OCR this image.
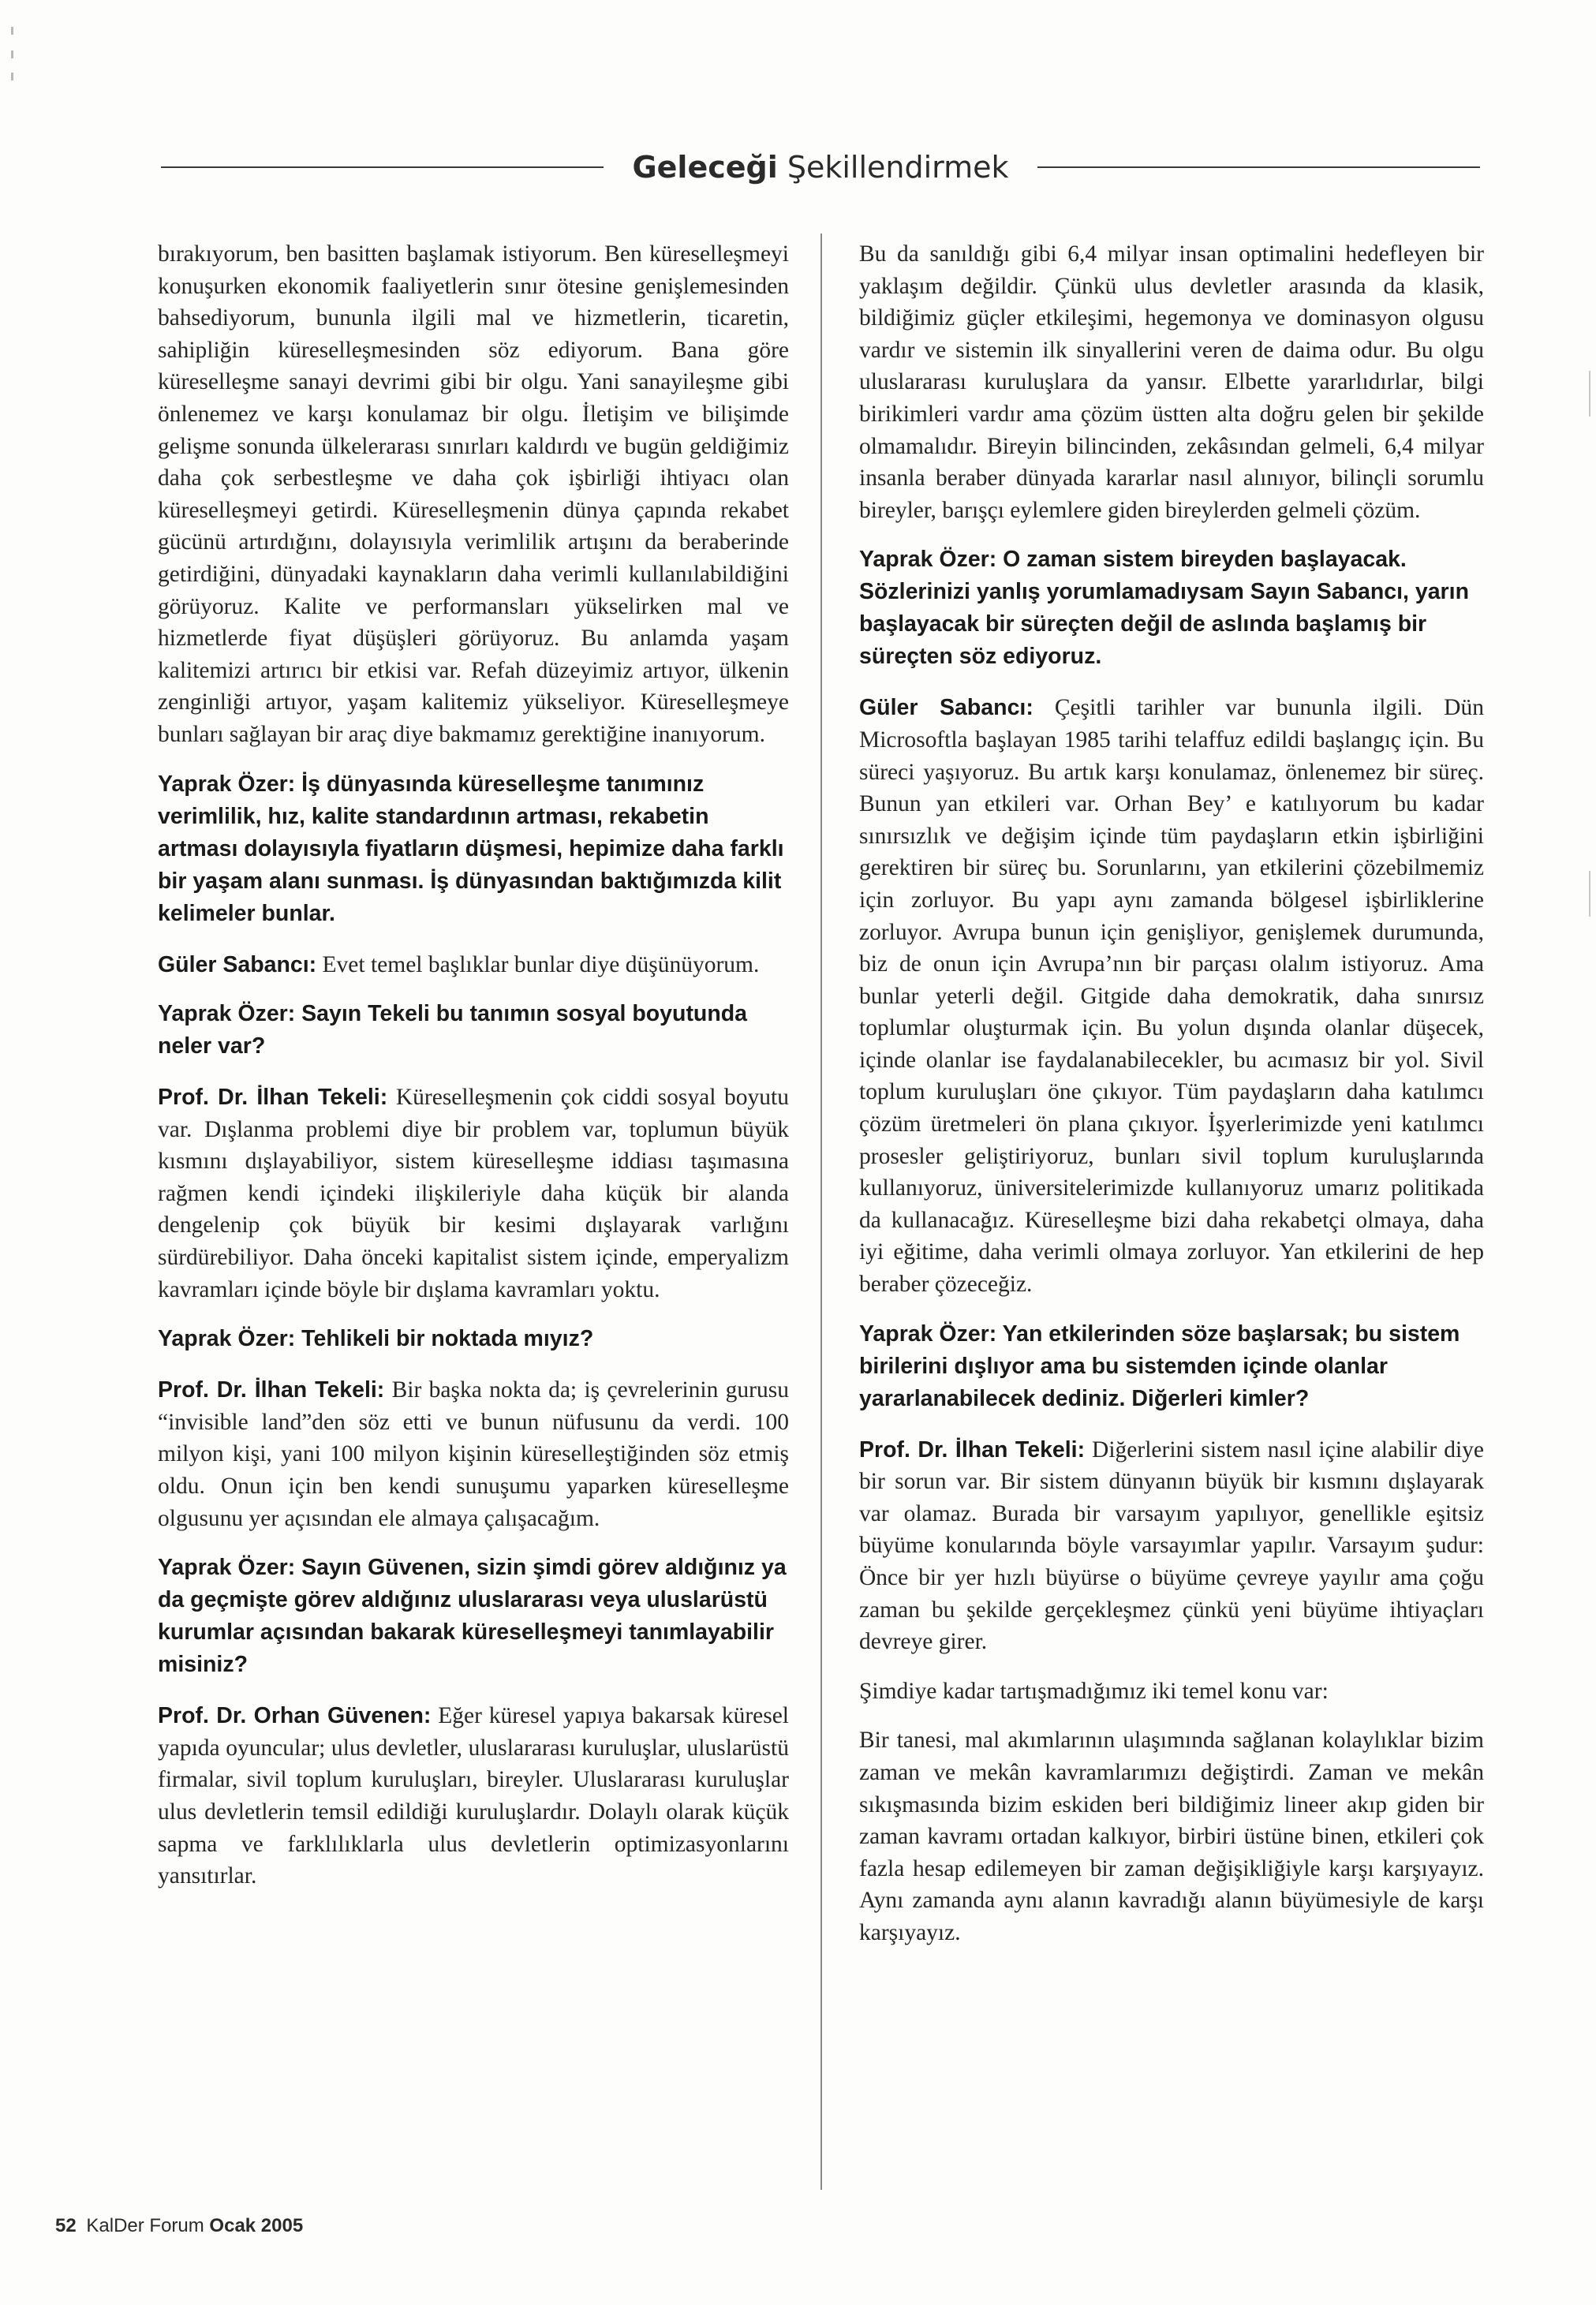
Geleceği Şekillendirmek

bırakıyorum, ben basitten başlamak istiyorum. Ben küreselleşmeyi konuşurken ekonomik faaliyetlerin sınır ötesine genişlemesinden bahsediyorum, bununla ilgili mal ve hizmetlerin, ticaretin, sahipliğin küreselleşmesinden söz ediyorum. Bana göre küreselleşme sanayi devrimi gibi bir olgu. Yani sanayileşme gibi önlenemez ve karşı konulamaz bir olgu. İletişim ve bilişimde gelişme sonunda ülkelerarası sınırları kaldırdı ve bugün geldiğimiz daha çok serbestleşme ve daha çok işbirliği ihtiyacı olan küreselleşmeyi getirdi. Küreselleşmenin dünya çapında rekabet gücünü artırdığını, dolayısıyla verimlilik artışını da beraberinde getirdiğini, dünyadaki kaynakların daha verimli kullanılabildiğini görüyoruz. Kalite ve performansları yükselirken mal ve hizmetlerde fiyat düşüşleri görüyoruz. Bu anlamda yaşam kalitemizi artırıcı bir etkisi var. Refah düzeyimiz artıyor, ülkenin zenginliği artıyor, yaşam kalitemiz yükseliyor. Küreselleşmeye bunları sağlayan bir araç diye bakmamız gerektiğine inanıyorum.

Yaprak Özer: İş dünyasında küreselleşme tanımınız verimlilik, hız, kalite standardının artması, rekabetin artması dolayısıyla fiyatların düşmesi, hepimize daha farklı bir yaşam alanı sunması. İş dünyasından baktığımızda kilit kelimeler bunlar.

Güler Sabancı: Evet temel başlıklar bunlar diye düşünüyorum.

Yaprak Özer: Sayın Tekeli bu tanımın sosyal boyutunda neler var?

Prof. Dr. İlhan Tekeli: Küreselleşmenin çok ciddi sosyal boyutu var. Dışlanma problemi diye bir problem var, toplumun büyük kısmını dışlayabiliyor, sistem küreselleşme iddiası taşımasına rağmen kendi içindeki ilişkileriyle daha küçük bir alanda dengelenip çok büyük bir kesimi dışlayarak varlığını sürdürebiliyor. Daha önceki kapitalist sistem içinde, emperyalizm kavramları içinde böyle bir dışlama kavramları yoktu.

Yaprak Özer: Tehlikeli bir noktada mıyız?

Prof. Dr. İlhan Tekeli: Bir başka nokta da; iş çevrelerinin gurusu “invisible land”den söz etti ve bunun nüfusunu da verdi. 100 milyon kişi, yani 100 milyon kişinin küreselleştiğinden söz etmiş oldu. Onun için ben kendi sunuşumu yaparken küreselleşme olgusunu yer açısından ele almaya çalışacağım.

Yaprak Özer: Sayın Güvenen, sizin şimdi görev aldığınız ya da geçmişte görev aldığınız uluslararası veya uluslarüstü kurumlar açısından bakarak küreselleşmeyi tanımlayabilir misiniz?

Prof. Dr. Orhan Güvenen: Eğer küresel yapıya bakarsak küresel yapıda oyuncular; ulus devletler, uluslararası kuruluşlar, uluslarüstü firmalar, sivil toplum kuruluşları, bireyler. Uluslararası kuruluşlar ulus devletlerin temsil edildiği kuruluşlardır. Dolaylı olarak küçük sapma ve farklılıklarla ulus devletlerin optimizasyonlarını yansıtırlar.

Bu da sanıldığı gibi 6,4 milyar insan optimalini hedefleyen bir yaklaşım değildir. Çünkü ulus devletler arasında da klasik, bildiğimiz güçler etkileşimi, hegemonya ve dominasyon olgusu vardır ve sistemin ilk sinyallerini veren de daima odur. Bu olgu uluslararası kuruluşlara da yansır. Elbette yararlıdırlar, bilgi birikimleri vardır ama çözüm üstten alta doğru gelen bir şekilde olmamalıdır. Bireyin bilincinden, zekâsından gelmeli, 6,4 milyar insanla beraber dünyada kararlar nasıl alınıyor, bilinçli sorumlu bireyler, barışçı eylemlere giden bireylerden gelmeli çözüm.

Yaprak Özer: O zaman sistem bireyden başlayacak. Sözlerinizi yanlış yorumlamadıysam Sayın Sabancı, yarın başlayacak bir süreçten değil de aslında başlamış bir süreçten söz ediyoruz.

Güler Sabancı: Çeşitli tarihler var bununla ilgili. Dün Microsoftla başlayan 1985 tarihi telaffuz edildi başlangıç için. Bu süreci yaşıyoruz. Bu artık karşı konulamaz, önlenemez bir süreç. Bunun yan etkileri var. Orhan Bey’ e katılıyorum bu kadar sınırsızlık ve değişim içinde tüm paydaşların etkin işbirliğini gerektiren bir süreç bu. Sorunlarını, yan etkilerini çözebilmemiz için zorluyor. Bu yapı aynı zamanda bölgesel işbirliklerine zorluyor. Avrupa bunun için genişliyor, genişlemek durumunda, biz de onun için Avrupa’nın bir parçası olalım istiyoruz. Ama bunlar yeterli değil. Gitgide daha demokratik, daha sınırsız toplumlar oluşturmak için. Bu yolun dışında olanlar düşecek, içinde olanlar ise faydalanabilecekler, bu acımasız bir yol. Sivil toplum kuruluşları öne çıkıyor. Tüm paydaşların daha katılımcı çözüm üretmeleri ön plana çıkıyor. İşyerlerimizde yeni katılımcı prosesler geliştiriyoruz, bunları sivil toplum kuruluşlarında kullanıyoruz, üniversitelerimizde kullanıyoruz umarız politikada da kullanacağız. Küreselleşme bizi daha rekabetçi olmaya, daha iyi eğitime, daha verimli olmaya zorluyor. Yan etkilerini de hep beraber çözeceğiz.

Yaprak Özer: Yan etkilerinden söze başlarsak; bu sistem birilerini dışlıyor ama bu sistemden içinde olanlar yararlanabilecek dediniz. Diğerleri kimler?

Prof. Dr. İlhan Tekeli: Diğerlerini sistem nasıl içine alabilir diye bir sorun var. Bir sistem dünyanın büyük bir kısmını dışlayarak var olamaz. Burada bir varsayım yapılıyor, genellikle eşitsiz büyüme konularında böyle varsayımlar yapılır. Varsayım şudur: Önce bir yer hızlı büyürse o büyüme çevreye yayılır ama çoğu zaman bu şekilde gerçekleşmez çünkü yeni büyüme ihtiyaçları devreye girer.

Şimdiye kadar tartışmadığımız iki temel konu var:

Bir tanesi, mal akımlarının ulaşımında sağlanan kolaylıklar bizim zaman ve mekân kavramlarımızı değiştirdi. Zaman ve mekân sıkışmasında bizim eskiden beri bildiğimiz lineer akıp giden bir zaman kavramı ortadan kalkıyor, birbiri üstüne binen, etkileri çok fazla hesap edilemeyen bir zaman değişikliğiyle karşı karşıyayız. Aynı zamanda aynı alanın kavradığı alanın büyümesiyle de karşı karşıyayız.

52 KalDer Forum Ocak 2005
